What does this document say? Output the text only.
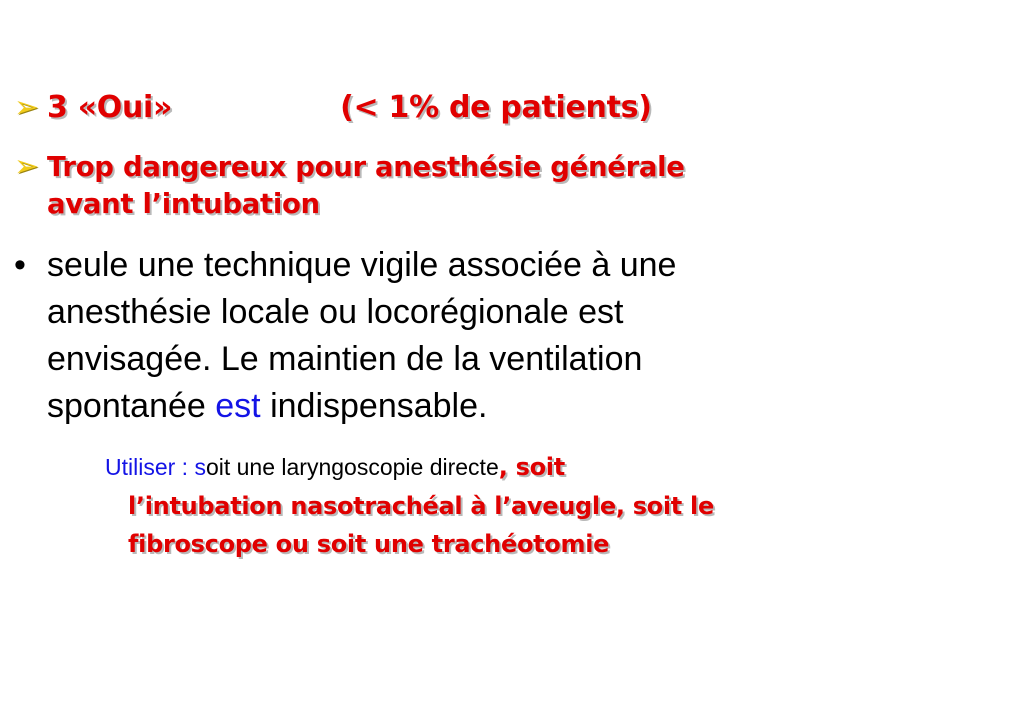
➢ 3 «Oui»	(< 1% de patients)
➢ Trop dangereux pour anesthésie générale
avant l’intubation
• seule une technique vigile associée à une
anesthésie locale ou locorégionale est
envisagée. Le maintien de la ventilation
spontanée est indispensable.
Utiliser : soit une laryngoscopie directe, soit
l’intubation nasotrachéal à l’aveugle, soit le
fibroscope ou soit une trachéotomie
